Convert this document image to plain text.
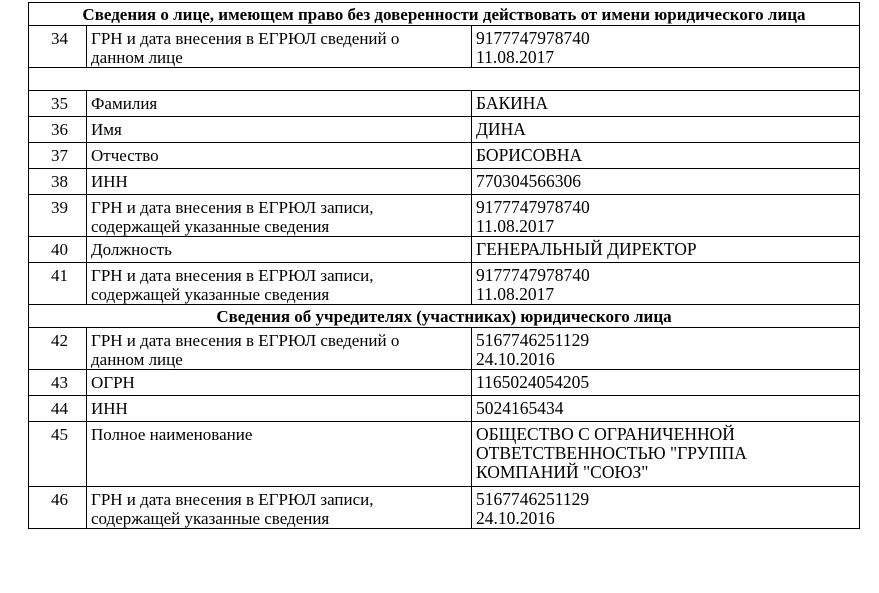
Сведения о лице, имеющем право без доверенности действовать от имени юридического лица		
34	ГРН и дата внесения в ЕГРЮЛ сведений о
данном лице	9177747978740
11.08.2017

35	Фамилия	БАКИНА
36	Имя	ДИНА
37	Отчество	БОРИСОВНА
38	ИНН	770304566306
39	ГРН и дата внесения в ЕГРЮЛ записи,
содержащей указанные сведения	9177747978740
11.08.2017

40	Должность	ГЕНЕРАЛЬНЫЙ ДИРЕКТОР
41	ГРН и дата внесения в ЕГРЮЛ записи,
содержащей указанные сведения	9177747978740
11.08.2017

Сведения об учредителях (участниках) юридического лица		
42	ГРН и дата внесения в ЕГРЮЛ сведений о
данном лице	5167746251129
24.10.2016

43	ОГРН	1165024054205
44	ИНН	5024165434
45	Полное наименование	ОБЩЕСТВО С ОГРАНИЧЕННОЙ
ОТВЕТСТВЕННОСТЬЮ "ГРУППА
КОМПАНИЙ "СОЮЗ"

46	ГРН и дата внесения в ЕГРЮЛ записи,
содержащей указанные сведения	5167746251129
24.10.2016
